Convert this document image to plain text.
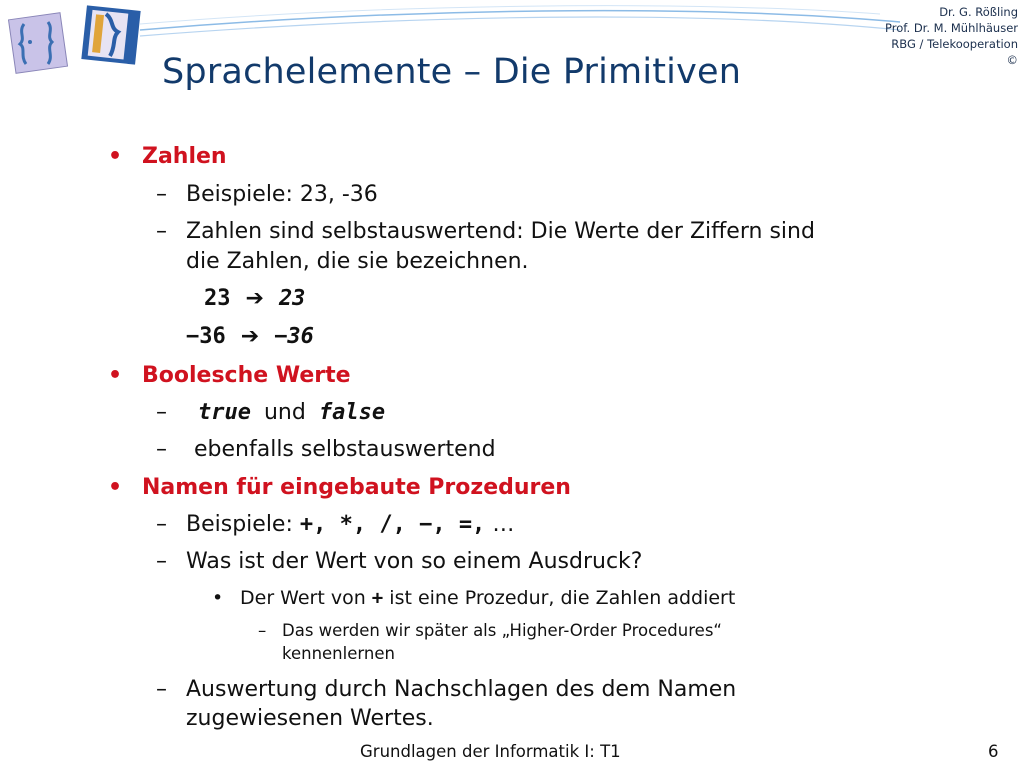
Sprachelemente – Die Primitiven
Dr. G. Rößling
Prof. Dr. M. Mühlhäuser
RBG / Telekooperation
©
• Zahlen
– Beispiele: 23, -36
– Zahlen sind selbstauswertend: Die Werte der Ziffern sind
die Zahlen, die sie bezeichnen.
23 ➔ 23
−36 ➔ −36
• Boolesche Werte
– true und false
– ebenfalls selbstauswertend
• Namen für eingebaute Prozeduren
– Beispiele: +, *, /, −, =, …
– Was ist der Wert von so einem Ausdruck?
• Der Wert von + ist eine Prozedur, die Zahlen addiert
– Das werden wir später als „Higher-Order Procedures“
kennenlernen
– Auswertung durch Nachschlagen des dem Namen
zugewiesenen Wertes.
Grundlagen der Informatik I: T1	6
